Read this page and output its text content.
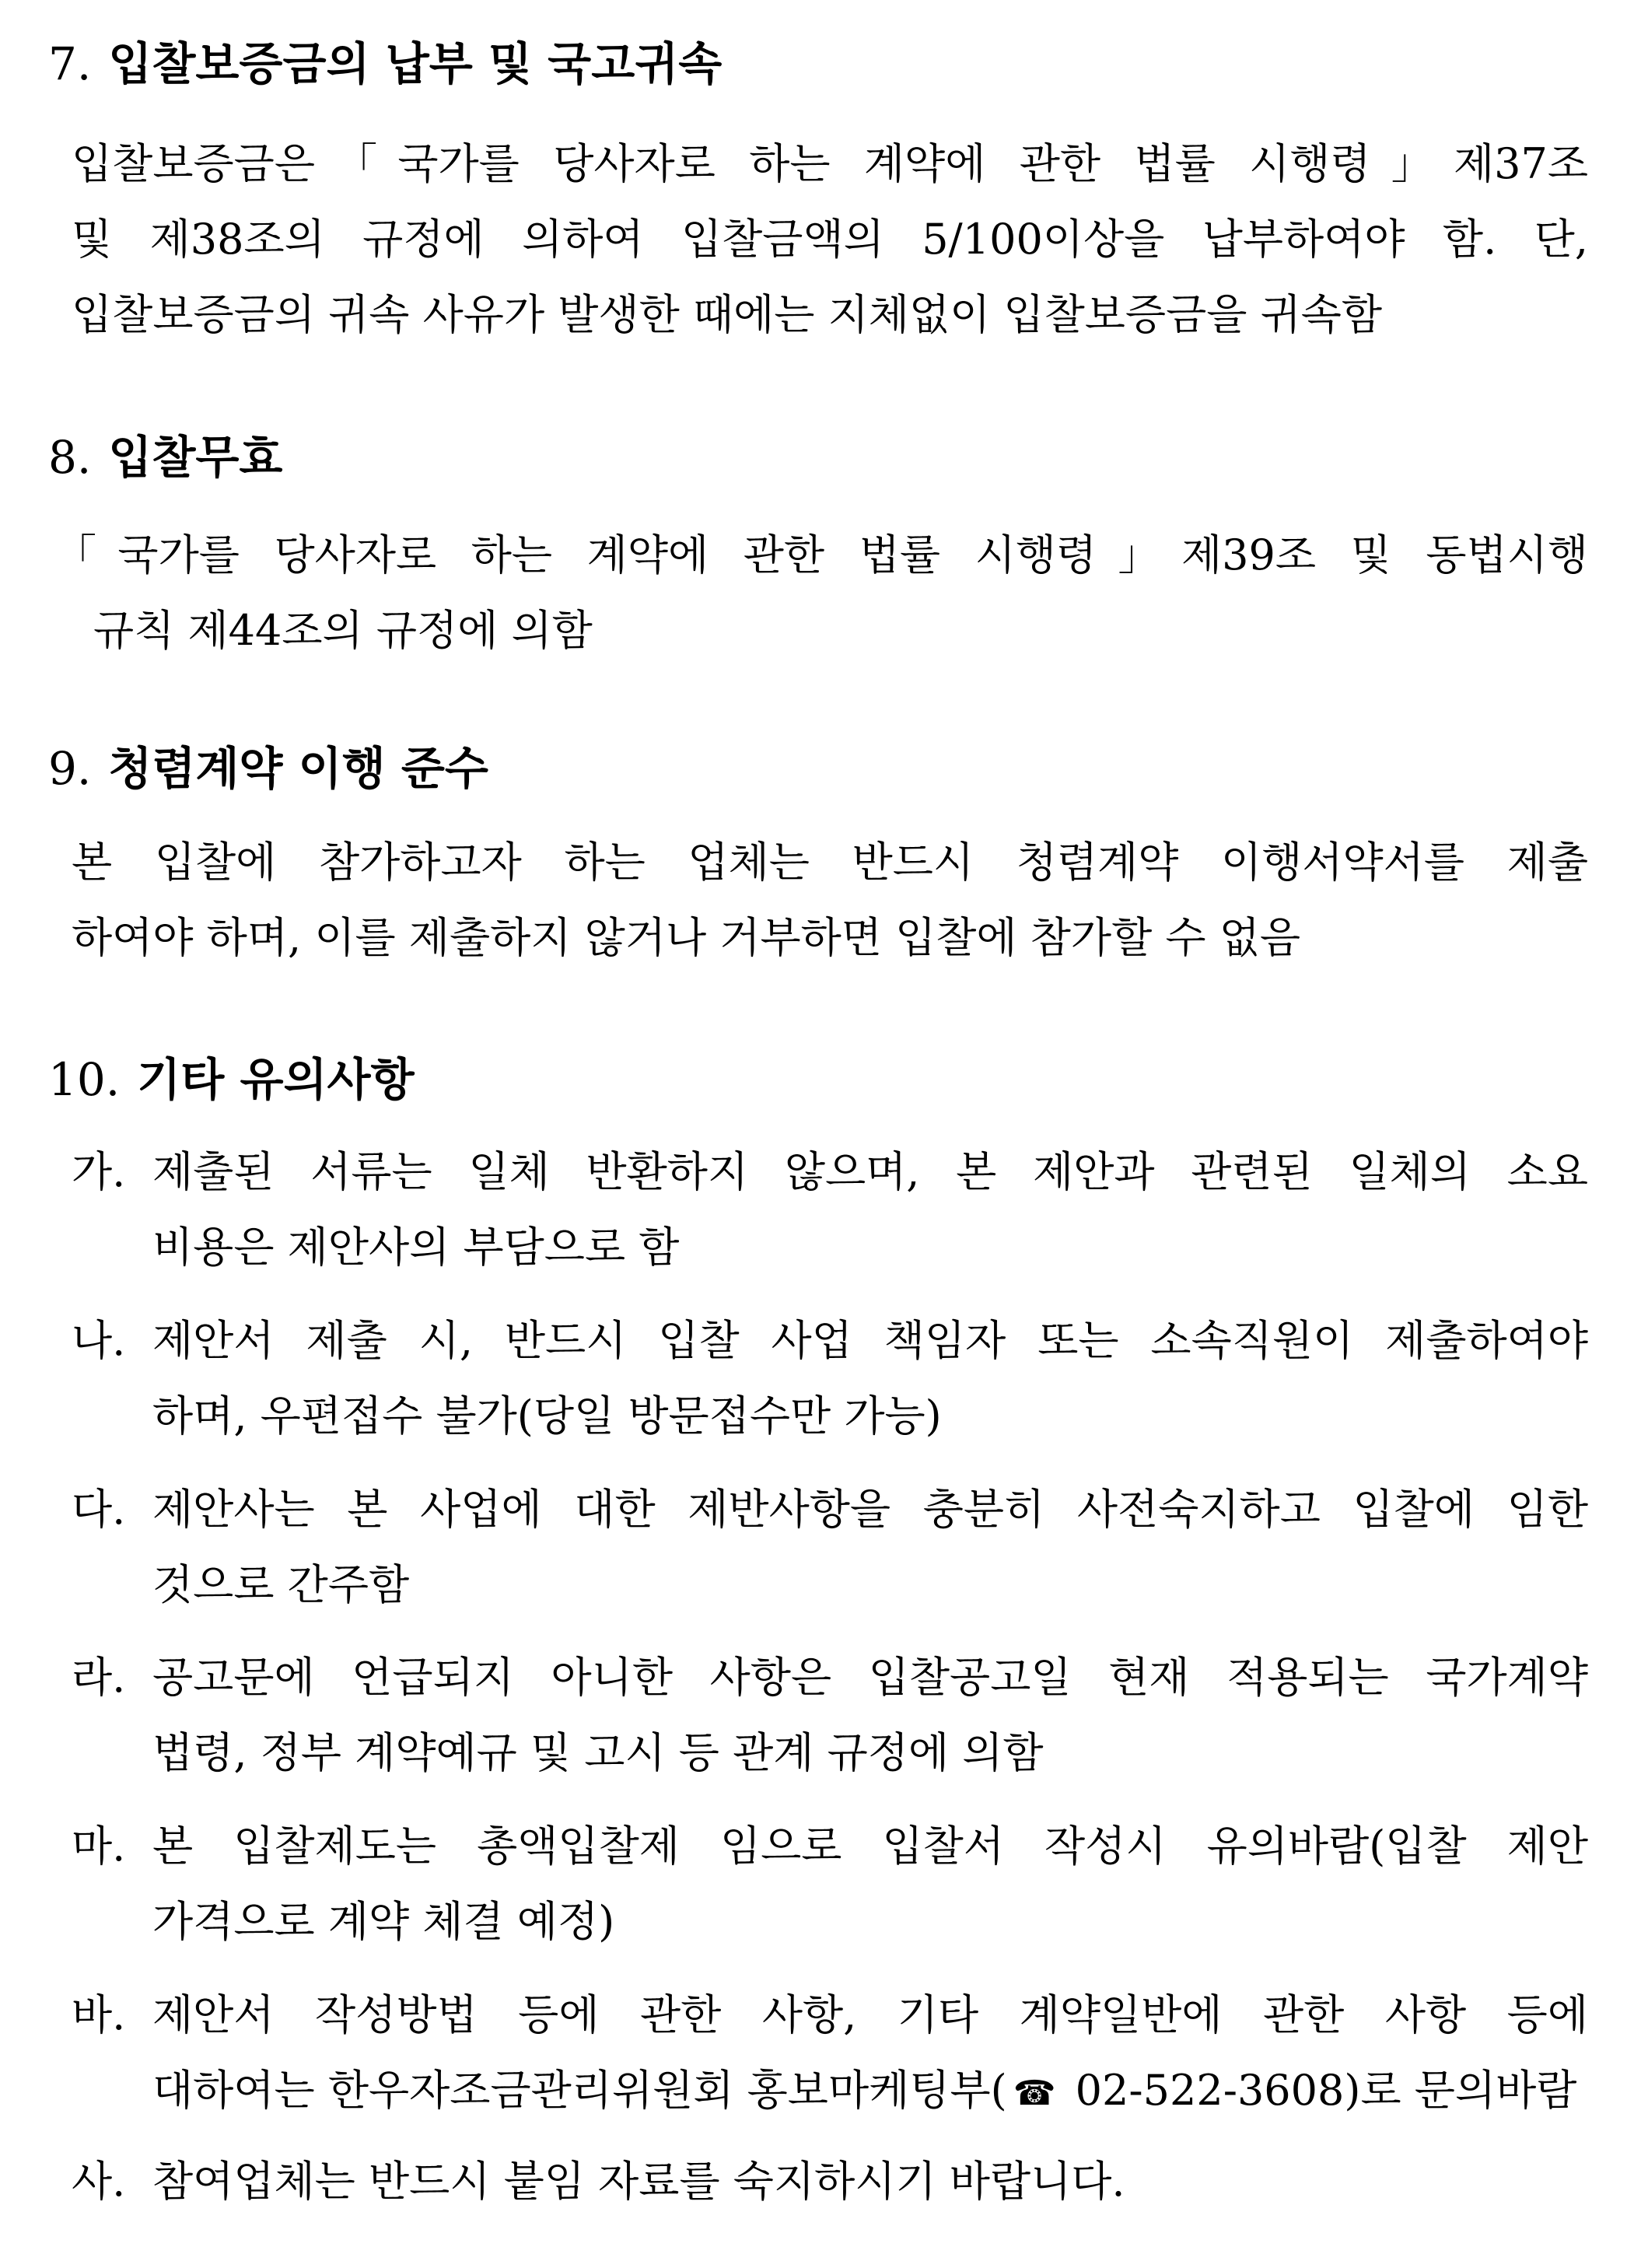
7. 입찰보증금의 납부 및 국고귀속
입찰보증금은「국가를 당사자로 하는 계약에 관한 법률 시행령」제37조
및 제38조의 규정에 의하여 입찰금액의 5/100이상을 납부하여야 함. 단,
입찰보증금의 귀속 사유가 발생한 때에는 지체없이 입찰보증금을 귀속함
8. 입찰무효
「국가를 당사자로 하는 계약에 관한 법률 시행령」제39조 및 동법시행
규칙 제44조의 규정에 의함
9. 청렴계약 이행 준수
본 입찰에 참가하고자 하는 업체는 반드시 청렴계약 이행서약서를 제출
하여야 하며, 이를 제출하지 않거나 거부하면 입찰에 참가할 수 없음
10. 기타 유의사항
가. 제출된 서류는 일체 반환하지 않으며, 본 제안과 관련된 일체의 소요
비용은 제안사의 부담으로 함
나. 제안서 제출 시, 반드시 입찰 사업 책임자 또는 소속직원이 제출하여야
하며, 우편접수 불가(당일 방문접수만 가능)
다. 제안사는 본 사업에 대한 제반사항을 충분히 사전숙지하고 입찰에 임한
것으로 간주함
라. 공고문에 언급되지 아니한 사항은 입찰공고일 현재 적용되는 국가계약
법령, 정부 계약예규 및 고시 등 관계 규정에 의함
마. 본 입찰제도는 총액입찰제 임으로 입찰서 작성시 유의바람(입찰 제안
가격으로 계약 체결 예정)
바. 제안서 작성방법 등에 관한 사항, 기타 계약일반에 관한 사항 등에
대하여는 한우자조금관리위원회 홍보마케팅부( ☎ 02-522-3608)로 문의바람
사. 참여업체는 반드시 붙임 자료를 숙지하시기 바랍니다.
